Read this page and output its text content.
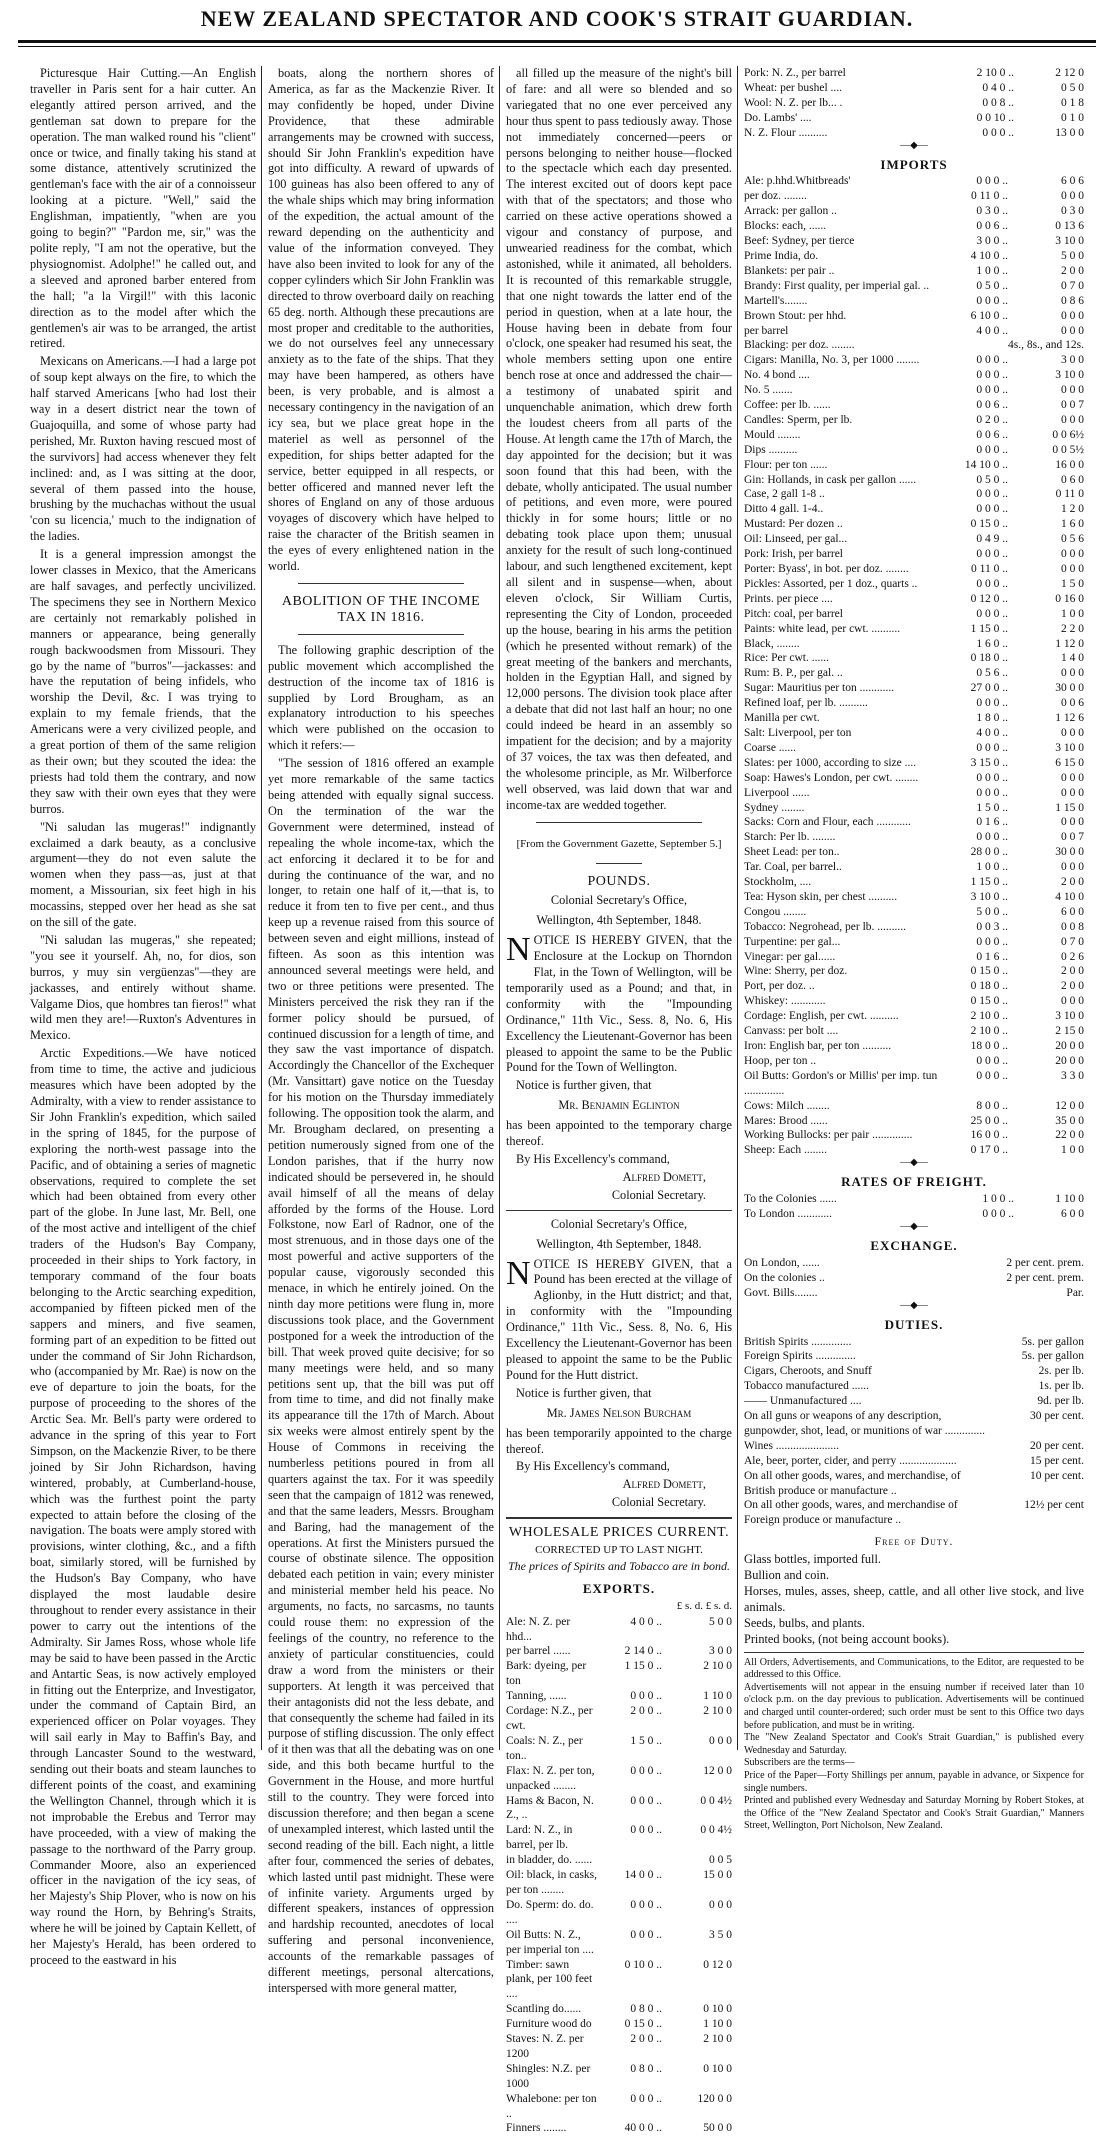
NEW ZEALAND SPECTATOR AND COOK'S STRAIT GUARDIAN.

Picturesque Hair Cutting.—An English traveller in Paris sent for a hair cutter. An elegantly attired person arrived, and the gentleman sat down to prepare for the operation. The man walked round his "client" once or twice, and finally taking his stand at some distance, attentively scrutinized the gentleman's face with the air of a connoisseur looking at a picture. "Well," said the Englishman, impatiently, "when are you going to begin?" "Pardon me, sir," was the polite reply, "I am not the operative, but the physiognomist. Adolphe!" he called out, and a sleeved and aproned barber entered from the hall; "a la Virgil!" with this laconic direction as to the model after which the gentlemen's air was to be arranged, the artist retired.

Mexicans on Americans.—I had a large pot of soup kept always on the fire, to which the half starved Americans [who had lost their way in a desert district near the town of Guajoquilla, and some of whose party had perished, Mr. Ruxton having rescued most of the survivors] had access whenever they felt inclined: and, as I was sitting at the door, several of them passed into the house, brushing by the muchachas without the usual 'con su licencia,' much to the indignation of the ladies.

It is a general impression amongst the lower classes in Mexico, that the Americans are half savages, and perfectly uncivilized. The specimens they see in Northern Mexico are certainly not remarkably polished in manners or appearance, being generally rough backwoodsmen from Missouri. They go by the name of "burros"—jackasses: and have the reputation of being infidels, who worship the Devil, &c. I was trying to explain to my female friends, that the Americans were a very civilized people, and a great portion of them of the same religion as their own; but they scouted the idea: the priests had told them the contrary, and now they saw with their own eyes that they were burros.

"Ni saludan las mugeras!" indignantly exclaimed a dark beauty, as a conclusive argument—they do not even salute the women when they pass—as, just at that moment, a Missourian, six feet high in his mocassins, stepped over her head as she sat on the sill of the gate.

"Ni saludan las mugeras," she repeated; "you see it yourself. Ah, no, for dios, son burros, y muy sin vergüenzas"—they are jackasses, and entirely without shame. Valgame Dios, que hombres tan fieros!" what wild men they are!—Ruxton's Adventures in Mexico.

Arctic Expeditions.—We have noticed from time to time, the active and judicious measures which have been adopted by the Admiralty, with a view to render assistance to Sir John Franklin's expedition, which sailed in the spring of 1845, for the purpose of exploring the north-west passage into the Pacific, and of obtaining a series of magnetic observations, required to complete the set which had been obtained from every other part of the globe. In June last, Mr. Bell, one of the most active and intelligent of the chief traders of the Hudson's Bay Company, proceeded in their ships to York factory, in temporary command of the four boats belonging to the Arctic searching expedition, accompanied by fifteen picked men of the sappers and miners, and five seamen, forming part of an expedition to be fitted out under the command of Sir John Richardson, who (accompanied by Mr. Rae) is now on the eve of departure to join the boats, for the purpose of proceeding to the shores of the Arctic Sea. Mr. Bell's party were ordered to advance in the spring of this year to Fort Simpson, on the Mackenzie River, to be there joined by Sir John Richardson, having wintered, probably, at Cumberland-house, which was the furthest point the party expected to attain before the closing of the navigation. The boats were amply stored with provisions, winter clothing, &c., and a fifth boat, similarly stored, will be furnished by the Hudson's Bay Company, who have displayed the most laudable desire throughout to render every assistance in their power to carry out the intentions of the Admiralty. Sir James Ross, whose whole life may be said to have been passed in the Arctic and Antartic Seas, is now actively employed in fitting out the Enterprize, and Investigator, under the command of Captain Bird, an experienced officer on Polar voyages. They will sail early in May to Baffin's Bay, and through Lancaster Sound to the westward, sending out their boats and steam launches to different points of the coast, and examining the Wellington Channel, through which it is not improbable the Erebus and Terror may have proceeded, with a view of making the passage to the northward of the Parry group. Commander Moore, also an experienced officer in the navigation of the icy seas, of her Majesty's Ship Plover, who is now on his way round the Horn, by Behring's Straits, where he will be joined by Captain Kellett, of her Majesty's Herald, has been ordered to proceed to the eastward in his

boats, along the northern shores of America, as far as the Mackenzie River. It may confidently be hoped, under Divine Providence, that these admirable arrangements may be crowned with success, should Sir John Franklin's expedition have got into difficulty. A reward of upwards of 100 guineas has also been offered to any of the whale ships which may bring information of the expedition, the actual amount of the reward depending on the authenticity and value of the information conveyed. They have also been invited to look for any of the copper cylinders which Sir John Franklin was directed to throw overboard daily on reaching 65 deg. north. Although these precautions are most proper and creditable to the authorities, we do not ourselves feel any unnecessary anxiety as to the fate of the ships. That they may have been hampered, as others have been, is very probable, and is almost a necessary contingency in the navigation of an icy sea, but we place great hope in the materiel as well as personnel of the expedition, for ships better adapted for the service, better equipped in all respects, or better officered and manned never left the shores of England on any of those arduous voyages of discovery which have helped to raise the character of the British seamen in the eyes of every enlightened nation in the world.

ABOLITION OF THE INCOME TAX IN 1816.

The following graphic description of the public movement which accomplished the destruction of the income tax of 1816 is supplied by Lord Brougham, as an explanatory introduction to his speeches which were published on the occasion to which it refers:—

"The session of 1816 offered an example yet more remarkable of the same tactics being attended with equally signal success. On the termination of the war the Government were determined, instead of repealing the whole income-tax, which the act enforcing it declared it to be for and during the continuance of the war, and no longer, to retain one half of it,—that is, to reduce it from ten to five per cent., and thus keep up a revenue raised from this source of between seven and eight millions, instead of fifteen. As soon as this intention was announced several meetings were held, and two or three petitions were presented. The Ministers perceived the risk they ran if the former policy should be pursued, of continued discussion for a length of time, and they saw the vast importance of dispatch. Accordingly the Chancellor of the Exchequer (Mr. Vansittart) gave notice on the Tuesday for his motion on the Thursday immediately following. The opposition took the alarm, and Mr. Brougham declared, on presenting a petition numerously signed from one of the London parishes, that if the hurry now indicated should be persevered in, he should avail himself of all the means of delay afforded by the forms of the House. Lord Folkstone, now Earl of Radnor, one of the most strenuous, and in those days one of the most powerful and active supporters of the popular cause, vigorously seconded this menace, in which he entirely joined. On the ninth day more petitions were flung in, more discussions took place, and the Government postponed for a week the introduction of the bill. That week proved quite decisive; for so many meetings were held, and so many petitions sent up, that the bill was put off from time to time, and did not finally make its appearance till the 17th of March. About six weeks were almost entirely spent by the House of Commons in receiving the numberless petitions poured in from all quarters against the tax. For it was speedily seen that the campaign of 1812 was renewed, and that the same leaders, Messrs. Brougham and Baring, had the management of the operations. At first the Ministers pursued the course of obstinate silence. The opposition debated each petition in vain; every minister and ministerial member held his peace. No arguments, no facts, no sarcasms, no taunts could rouse them: no expression of the feelings of the country, no reference to the anxiety of particular constituencies, could draw a word from the ministers or their supporters. At length it was perceived that their antagonists did not the less debate, and that consequently the scheme had failed in its purpose of stifling discussion. The only effect of it then was that all the debating was on one side, and this both became hurtful to the Government in the House, and more hurtful still to the country. They were forced into discussion therefore; and then began a scene of unexampled interest, which lasted until the second reading of the bill. Each night, a little after four, commenced the series of debates, which lasted until past midnight. These were of infinite variety. Arguments urged by different speakers, instances of oppression and hardship recounted, anecdotes of local suffering and personal inconvenience, accounts of the remarkable passages of different meetings, personal altercations, interspersed with more general matter,

all filled up the measure of the night's bill of fare: and all were so blended and so variegated that no one ever perceived any hour thus spent to pass tediously away. Those not immediately concerned—peers or persons belonging to neither house—flocked to the spectacle which each day presented. The interest excited out of doors kept pace with that of the spectators; and those who carried on these active operations showed a vigour and constancy of purpose, and unwearied readiness for the combat, which astonished, while it animated, all beholders. It is recounted of this remarkable struggle, that one night towards the latter end of the period in question, when at a late hour, the House having been in debate from four o'clock, one speaker had resumed his seat, the whole members setting upon one entire bench rose at once and addressed the chair—a testimony of unabated spirit and unquenchable animation, which drew forth the loudest cheers from all parts of the House. At length came the 17th of March, the day appointed for the decision; but it was soon found that this had been, with the debate, wholly anticipated. The usual number of petitions, and even more, were poured thickly in for some hours; little or no debating took place upon them; unusual anxiety for the result of such long-continued labour, and such lengthened excitement, kept all silent and in suspense—when, about eleven o'clock, Sir William Curtis, representing the City of London, proceeded up the house, bearing in his arms the petition (which he presented without remark) of the great meeting of the bankers and merchants, holden in the Egyptian Hall, and signed by 12,000 persons. The division took place after a debate that did not last half an hour; no one could indeed be heard in an assembly so impatient for the decision; and by a majority of 37 voices, the tax was then defeated, and the wholesome principle, as Mr. Wilberforce well observed, was laid down that war and income-tax are wedded together.

[From the Government Gazette, September 5.]
POUNDS.

Colonial Secretary's Office,

Wellington, 4th September, 1848.

NOTICE IS HEREBY GIVEN, that the Enclosure at the Lockup on Thorndon Flat, in the Town of Wellington, will be temporarily used as a Pound; and that, in conformity with the "Impounding Ordinance," 11th Vic., Sess. 8, No. 6, His Excellency the Lieutenant-Governor has been pleased to appoint the same to be the Public Pound for the Town of Wellington.

Notice is further given, that

Mr. Benjamin Eglinton

has been appointed to the temporary charge thereof.

By His Excellency's command,

Alfred Domett,

Colonial Secretary.

Colonial Secretary's Office,

Wellington, 4th September, 1848.

NOTICE IS HEREBY GIVEN, that a Pound has been erected at the village of Aglionby, in the Hutt district; and that, in conformity with the "Impounding Ordinance," 11th Vic., Sess. 8, No. 6, His Excellency the Lieutenant-Governor has been pleased to appoint the same to be the Public Pound for the Hutt district.

Notice is further given, that

Mr. James Nelson Burcham

has been temporarily appointed to the charge thereof.

By His Excellency's command,

Alfred Domett,

Colonial Secretary.

WHOLESALE PRICES CURRENT.
CORRECTED UP TO LAST NIGHT.
The prices of Spirits and Tobacco are in bond.
EXPORTS.
£ s. d. £ s. d.
Ale: N. Z. per hhd...	4 0 0 ..	5 0 0
per barrel ......	2 14 0 ..	3 0 0
Bark: dyeing, per ton	1 15 0 ..	2 10 0
Tanning, ......	0 0 0 ..	1 10 0
Cordage: N.Z., per cwt.	2 0 0 ..	2 10 0
Coals: N. Z., per ton..	1 5 0 ..	0 0 0
Flax: N. Z. per ton, unpacked ........	0 0 0 ..	12 0 0
Hams & Bacon, N. Z., ..	0 0 0 ..	0 0 4½
Lard: N. Z., in barrel, per lb.	0 0 0 ..	0 0 4½
in bladder, do. ......		0 0 5
Oil: black, in casks, per ton ........	14 0 0 ..	15 0 0
Do. Sperm: do. do. ....	0 0 0 ..	0 0 0
Oil Butts: N. Z., per imperial ton ....	0 0 0 ..	3 5 0
Timber: sawn plank, per 100 feet ....	0 10 0 ..	0 12 0
Scantling do......	0 8 0 ..	0 10 0
Furniture wood do	0 15 0 ..	1 10 0
Staves: N. Z. per 1200	2 0 0 ..	2 10 0
Shingles: N.Z. per 1000	0 8 0 ..	0 10 0
Whalebone: per ton ..	0 0 0 ..	120 0 0
Finners ........	40 0 0 ..	50 0 0
Pork: N. Z., per barrel	2 10 0 ..	2 12 0
Wheat: per bushel ....	0 4 0 ..	0 5 0
Wool: N. Z. per lb... .	0 0 8 ..	0 1 8
Do. Lambs' ....	0 0 10 ..	0 1 0
N. Z. Flour ..........	0 0 0 ..	13 0 0
—◆—
IMPORTS
Ale: p.hhd.Whitbreads'	0 0 0 ..	6 0 6
per doz. ........	0 11 0 ..	0 0 0
Arrack: per gallon ..	0 3 0 ..	0 3 0
Blocks: each, ......	0 0 6 ..	0 13 6
Beef: Sydney, per tierce	3 0 0 ..	3 10 0
Prime India, do.	4 10 0 ..	5 0 0
Blankets: per pair ..	1 0 0 ..	2 0 0
Brandy: First quality, per imperial gal. ..	0 5 0 ..	0 7 0
Martell's........	0 0 0 ..	0 8 6
Brown Stout: per hhd.	6 10 0 ..	0 0 0
per barrel	4 0 0 ..	0 0 0
Blacking: per doz. ........		4s., 8s., and 12s.
Cigars: Manilla, No. 3, per 1000 ........	0 0 0 ..	3 0 0
No. 4 bond ....	0 0 0 ..	3 10 0
No. 5 .......	0 0 0 ..	0 0 0
Coffee: per lb. ......	0 0 6 ..	0 0 7
Candles: Sperm, per lb.	0 2 0 ..	0 0 0
Mould ........	0 0 6 ..	0 0 6½
Dips ..........	0 0 0 ..	0 0 5½
Flour: per ton ......	14 10 0 ..	16 0 0
Gin: Hollands, in cask per gallon ......	0 5 0 ..	0 6 0
Case, 2 gall 1-8 ..	0 0 0 ..	0 11 0
Ditto 4 gall. 1-4..	0 0 0 ..	1 2 0
Mustard: Per dozen ..	0 15 0 ..	1 6 0
Oil: Linseed, per gal...	0 4 9 ..	0 5 6
Pork: Irish, per barrel	0 0 0 ..	0 0 0
Porter: Byass', in bot. per doz. ........	0 11 0 ..	0 0 0
Pickles: Assorted, per 1 doz., quarts ..	0 0 0 ..	1 5 0
Prints. per piece ....	0 12 0 ..	0 16 0
Pitch: coal, per barrel	0 0 0 ..	1 0 0
Paints: white lead, per cwt. ..........	1 15 0 ..	2 2 0
Black, ........	1 6 0 ..	1 12 0
Rice: Per cwt. ......	0 18 0 ..	1 4 0
Rum: B. P., per gal. ..	0 5 6 ..	0 0 0
Sugar: Mauritius per ton ............	27 0 0 ..	30 0 0
Refined loaf, per lb. ..........	0 0 0 ..	0 0 6
Manilla per cwt.	1 8 0 ..	1 12 6
Salt: Liverpool, per ton	4 0 0 ..	0 0 0
Coarse ......	0 0 0 ..	3 10 0
Slates: per 1000, according to size ....	3 15 0 ..	6 15 0
Soap: Hawes's London, per cwt. ........	0 0 0 ..	0 0 0
Liverpool ......	0 0 0 ..	0 0 0
Sydney ........	1 5 0 ..	1 15 0
Sacks: Corn and Flour, each ............	0 1 6 ..	0 0 0
Starch: Per lb. ........	0 0 0 ..	0 0 7
Sheet Lead: per ton..	28 0 0 ..	30 0 0
Tar. Coal, per barrel..	1 0 0 ..	0 0 0
Stockholm, ....	1 15 0 ..	2 0 0
Tea: Hyson skin, per chest ..........	3 10 0 ..	4 10 0
Congou ........	5 0 0 ..	6 0 0
Tobacco: Negrohead, per lb. ..........	0 0 3 ..	0 0 8
Turpentine: per gal...	0 0 0 ..	0 7 0
Vinegar: per gal......	0 1 6 ..	0 2 6
Wine: Sherry, per doz.	0 15 0 ..	2 0 0
Port, per doz. ..	0 18 0 ..	2 0 0
Whiskey: ............	0 15 0 ..	0 0 0
Cordage: English, per cwt. ..........	2 10 0 ..	3 10 0
Canvass: per bolt ....	2 10 0 ..	2 15 0
Iron: English bar, per ton ..........	18 0 0 ..	20 0 0
Hoop, per ton ..	0 0 0 ..	20 0 0
Oil Butts: Gordon's or Millis' per imp. tun ..............	0 0 0 ..	3 3 0
Cows: Milch ........	8 0 0 ..	12 0 0
Mares: Brood ......	25 0 0 ..	35 0 0
Working Bullocks: per pair ..............	16 0 0 ..	22 0 0
Sheep: Each ........	0 17 0 ..	1 0 0
—◆—
RATES OF FREIGHT.
To the Colonies ......	1 0 0 ..	1 10 0
To London ............	0 0 0 ..	6 0 0
—◆—
EXCHANGE.
On London, ......	2 per cent. prem.
On the colonies ..	2 per cent. prem.
Govt. Bills........	Par.
—◆—
DUTIES.
British Spirits ..............	5s. per gallon
Foreign Spirits ..............	5s. per gallon
Cigars, Cheroots, and Snuff	2s. per lb.
Tobacco manufactured ......	1s. per lb.
—— Unmanufactured ....	9d. per lb.
On all guns or weapons of any description, gunpowder, shot, lead, or munitions of war ..............	30 per cent.
Wines ......................	20 per cent.
Ale, beer, porter, cider, and perry ....................	15 per cent.
On all other goods, wares, and merchandise, of British produce or manufacture ..	10 per cent.
On all other goods, wares, and merchandise of Foreign produce or manufacture ..	12½ per cent
Free of Duty.

Glass bottles, imported full.

Bullion and coin.

Horses, mules, asses, sheep, cattle, and all other live stock, and live animals.

Seeds, bulbs, and plants.

Printed books, (not being account books).

All Orders, Advertisements, and Communications, to the Editor, are requested to be addressed to this Office.

Advertisements will not appear in the ensuing number if received later than 10 o'clock p.m. on the day previous to publication. Advertisements will be continued and charged until counter-ordered; such order must be sent to this Office two days before publication, and must be in writing.

The "New Zealand Spectator and Cook's Strait Guardian," is published every Wednesday and Saturday.

Subscribers are the terms—

Price of the Paper—Forty Shillings per annum, payable in advance, or Sixpence for single numbers.

Printed and published every Wednesday and Saturday Morning by Robert Stokes, at the Office of the "New Zealand Spectator and Cook's Strait Guardian," Manners Street, Wellington, Port Nicholson, New Zealand.
